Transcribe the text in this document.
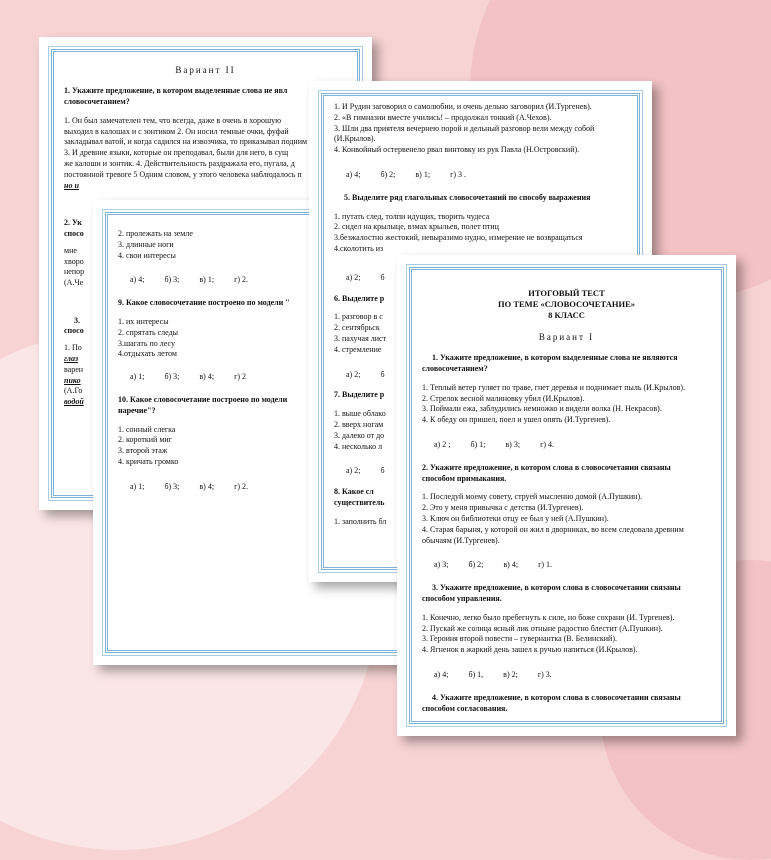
Вариант II
1. Укажите предложение, в котором выделенные слова не явл
словосочетанием?
1. Он был замечателен тем, что всегда, даже в очень в хорошую
выходил в калошах и с зонтиком 2. Он носил темные очки, фуфай
закладывал ватой, и когда садился на извозчика, то приказывал подним
3. И древние языки, которые он преподавал, были для него, в сущ
же калоши и зонтик. 4. Действительность раздражала его, пугала, д
постоянной тревоге 5 Одним словом, у этого человека наблюдалось п
но и
2. Ук
спосо
мне
хворо
непор
(А.Че
3.
спосо
1. По
глаз
варен
пико
(А.Го
водой
2. пролежать на земле
3. длинные ноги
4. свои интересы
а) 4;	б) 3;	в) 1;	г) 2.
9. Какое словосочетание построено по модели "
1. их интересы
2. спрятать следы
3.шагать по лесу
4.отдыхать летом
а) 1;	б) 3;	в) 4;	г) 2
10. Какое словосочетание построено по модели
наречие"?
1. сонный слегка
2. короткий миг
3. второй этаж
4. кричать громко
а) 1;	б) 3;	в) 4;	г) 2.
1. И Рудин заговорил о самолюбии, и очень дельно заговорил (И.Тургенев).
2. «В гимназии вместе учились! – продолжал тонкий (А.Чехов).
3. Шли два приятеля вечернею порой и дельный разговор вели между собой
(И.Крылов).
4. Конвойный остервенело рвал винтовку из рук Павла (Н.Островский).
а) 4;	б) 2;	в) 1;	г) 3 .
5. Выделите ряд глагольных словосочетаний по способу выражения
1. путать след, толпи идущих, творить чудеса
2. сидел на крылыце, взмах крыльев, полет птиц
3.безжалостно жестокий, невыразимо нудно, измерение не возвращаться
4.сколотить из
а) 2;	б
6. Выделите р
1. разговор в с
2. сентябрьск
3. пахучая лист
4. стремление
а) 2;	б
7. Выделите р
1. выше облако
2. вверх ногам
3. далеко от до
4. несколько л
а) 2;	б
8. Какое сл
существитель
1. заполнить бл
ИТОГОВЫЙ ТЕСТ
ПО ТЕМЕ «СЛОВОСОЧЕТАНИЕ»
8 КЛАСС
Вариант I
1. Укажите предложение, в котором выделенные слова не являются
словосочетанием?
1. Теплый ветер гуляет по траве, гнет деревья и поднимает пыль (И.Крылов).
2. Стрелок весной малиновку убил (И.Крылов).
3. Поймали ежа, заблудились немножко и видели волка (Н. Некрасов).
4. К обеду он пришел, поел и ушел опять (И.Тургенев).
а) 2 ;	б) 1;	в) 3;	г) 4.
2. Укажите предложение, в котором слова в словосочетании связаны
способом примыкания.
1. Последуй моему совету, струей мысленно домой (А.Пушкин).
2. Это у меня привычка с детства (И.Тургенев).
3. Ключ он библиотеки отцу ее был у ней (А.Пушкин).
4. Старая барыня, у которой он жил в дворниках, во всем следовала древним
обычаям (И.Тургенев).
а) 3;	б) 2;	в) 4;	г) 1.
3. Укажите предложение, в котором слова в словосочетании связаны
способом управления.
1. Конечно, легко было пребегнуть к силе, но боже сохрани (И. Тургенев).
2. Пускай же солнца ясный лик отныне радостно блестит (А.Пушкин).
3. Героиня второй повести – гувернантка (В. Белинский).
4. Ягненок в жаркий день зашел к ручью напиться (И.Крылов).
а) 4;	б) 1,	в) 2;	г) 3.
4. Укажите предложение, в котором слова в словосочетании связаны
способом согласования.
